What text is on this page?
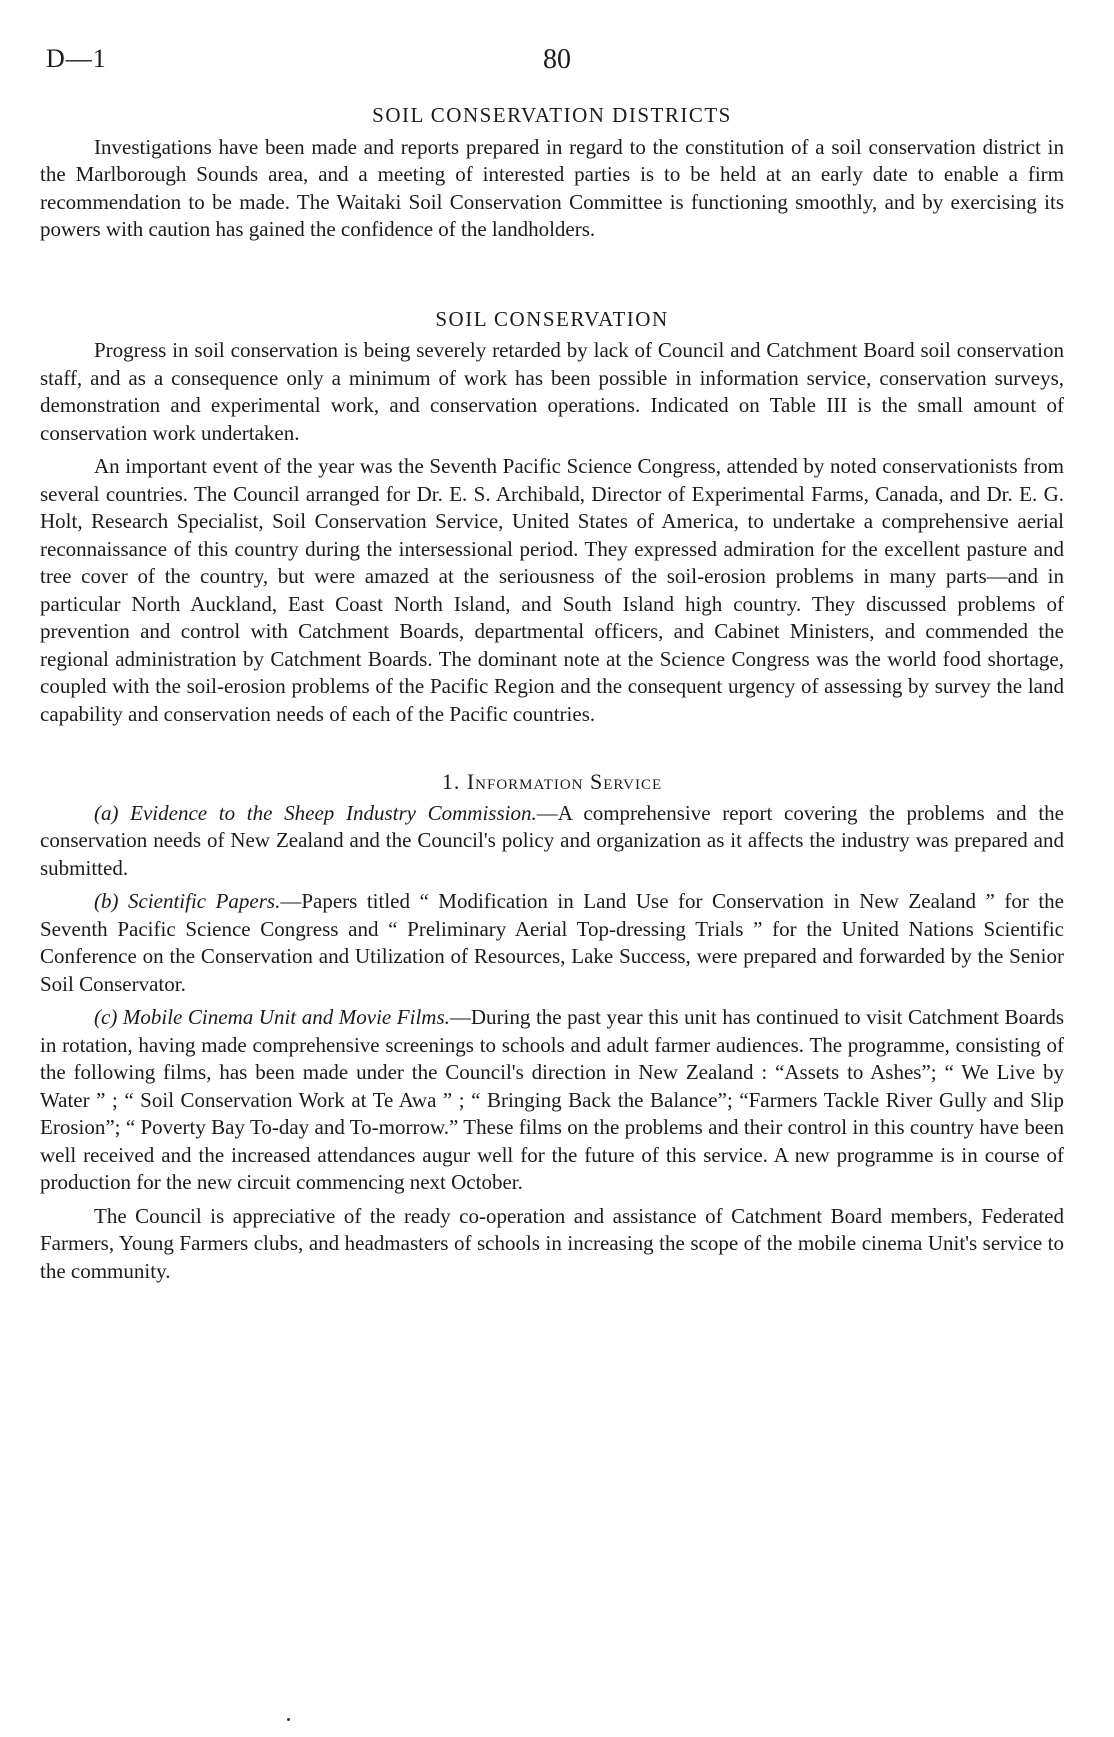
D—1	80
SOIL CONSERVATION DISTRICTS

Investigations have been made and reports prepared in regard to the constitution of a soil conservation district in the Marlborough Sounds area, and a meeting of interested parties is to be held at an early date to enable a firm recommendation to be made. The Waitaki Soil Conservation Committee is functioning smoothly, and by exercising its powers with caution has gained the confidence of the landholders.

SOIL CONSERVATION

Progress in soil conservation is being severely retarded by lack of Council and Catchment Board soil conservation staff, and as a consequence only a minimum of work has been possible in information service, conservation surveys, demonstration and experimental work, and conservation operations. Indicated on Table III is the small amount of conservation work undertaken.

An important event of the year was the Seventh Pacific Science Congress, attended by noted conservationists from several countries. The Council arranged for Dr. E. S. Archibald, Director of Experimental Farms, Canada, and Dr. E. G. Holt, Research Specialist, Soil Conservation Service, United States of America, to undertake a comprehensive aerial reconnaissance of this country during the intersessional period. They expressed admiration for the excellent pasture and tree cover of the country, but were amazed at the seriousness of the soil-erosion problems in many parts—and in particular North Auckland, East Coast North Island, and South Island high country. They discussed problems of prevention and control with Catchment Boards, departmental officers, and Cabinet Ministers, and commended the regional administration by Catchment Boards. The dominant note at the Science Congress was the world food shortage, coupled with the soil-erosion problems of the Pacific Region and the consequent urgency of assessing by survey the land capability and conservation needs of each of the Pacific countries.

1. Information Service

(a) Evidence to the Sheep Industry Commission.—A comprehensive report covering the problems and the conservation needs of New Zealand and the Council's policy and organization as it affects the industry was prepared and submitted.

(b) Scientific Papers.—Papers titled “ Modification in Land Use for Conservation in New Zealand ” for the Seventh Pacific Science Congress and “ Preliminary Aerial Top-dressing Trials ” for the United Nations Scientific Conference on the Conservation and Utilization of Resources, Lake Success, were prepared and forwarded by the Senior Soil Conservator.

(c) Mobile Cinema Unit and Movie Films.—During the past year this unit has continued to visit Catchment Boards in rotation, having made comprehensive screenings to schools and adult farmer audiences. The programme, consisting of the following films, has been made under the Council's direction in New Zealand : “Assets to Ashes”; “ We Live by Water ” ; “ Soil Conservation Work at Te Awa ” ; “ Bringing Back the Balance”; “Farmers Tackle River Gully and Slip Erosion”; “ Poverty Bay To-day and To-morrow.” These films on the problems and their control in this country have been well received and the increased attendances augur well for the future of this service. A new programme is in course of production for the new circuit commencing next October.

The Council is appreciative of the ready co-operation and assistance of Catchment Board members, Federated Farmers, Young Farmers clubs, and headmasters of schools in increasing the scope of the mobile cinema Unit's service to the community.
